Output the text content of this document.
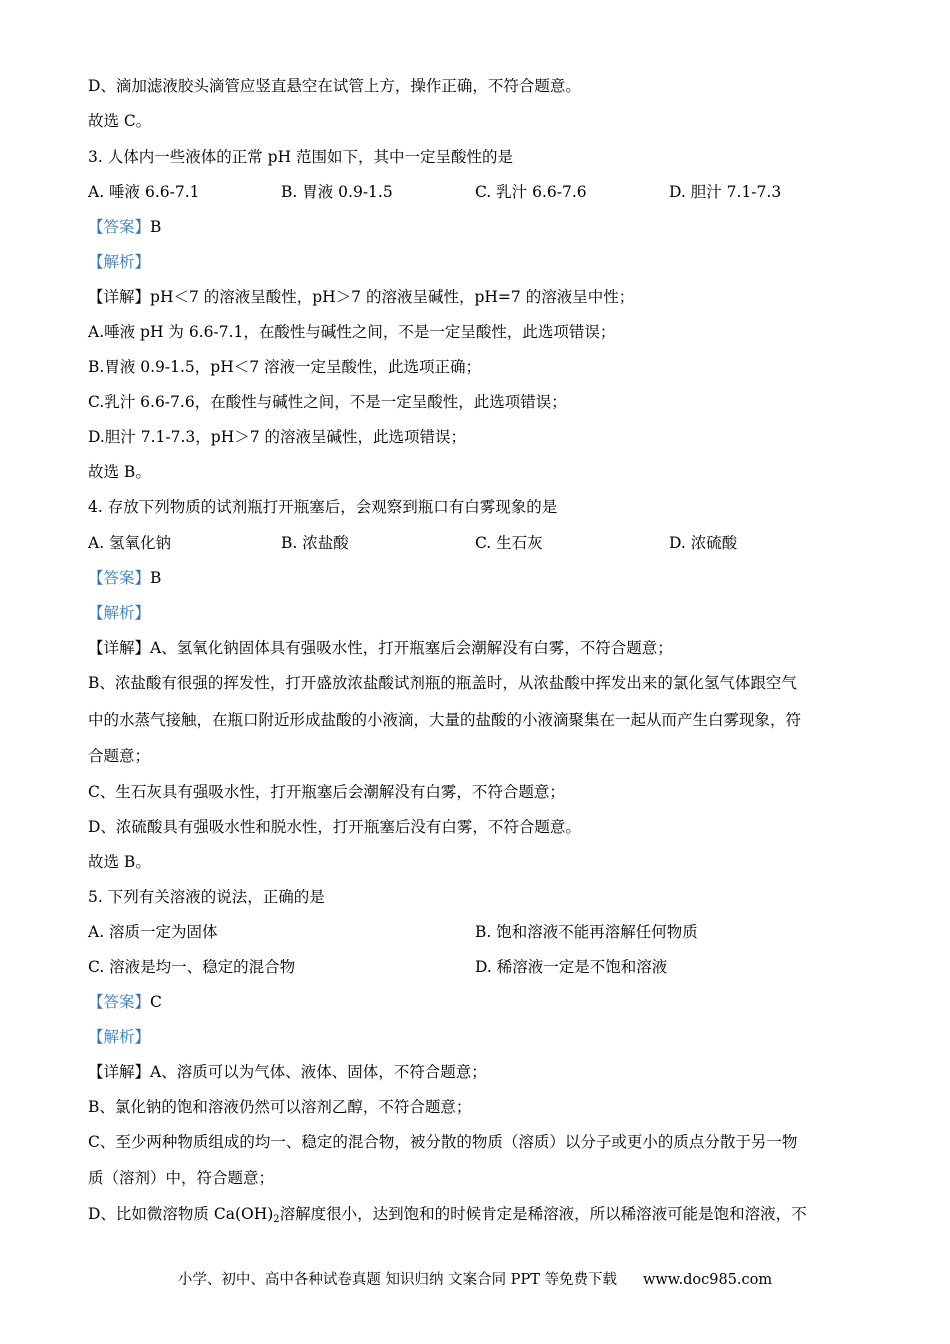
D、滴加滤液胶头滴管应竖直悬空在试管上方，操作正确，不符合题意。
故选 C。
3. 人体内一些液体的正常 pH 范围如下，其中一定呈酸性的是
A. 唾液 6.6-7.1	B. 胃液 0.9-1.5	C. 乳汁 6.6-7.6	D. 胆汁 7.1-7.3
【答案】B
【解析】
【详解】pH＜7 的溶液呈酸性，pH＞7 的溶液呈碱性，pH=7 的溶液呈中性；
A.唾液 pH 为 6.6-7.1，在酸性与碱性之间，不是一定呈酸性，此选项错误；
B.胃液 0.9-1.5，pH＜7 溶液一定呈酸性，此选项正确；
C.乳汁 6.6-7.6，在酸性与碱性之间，不是一定呈酸性，此选项错误；
D.胆汁 7.1-7.3，pH＞7 的溶液呈碱性，此选项错误；
故选 B。
4. 存放下列物质的试剂瓶打开瓶塞后，会观察到瓶口有白雾现象的是
A. 氢氧化钠	B. 浓盐酸	C. 生石灰	D. 浓硫酸
【答案】B
【解析】
【详解】A、氢氧化钠固体具有强吸水性，打开瓶塞后会潮解没有白雾，不符合题意；
B、浓盐酸有很强的挥发性，打开盛放浓盐酸试剂瓶的瓶盖时，从浓盐酸中挥发出来的氯化氢气体跟空气
中的水蒸气接触，在瓶口附近形成盐酸的小液滴，大量的盐酸的小液滴聚集在一起从而产生白雾现象，符
合题意；
C、生石灰具有强吸水性，打开瓶塞后会潮解没有白雾，不符合题意；
D、浓硫酸具有强吸水性和脱水性，打开瓶塞后没有白雾，不符合题意。
故选 B。
5. 下列有关溶液的说法，正确的是
A. 溶质一定为固体	B. 饱和溶液不能再溶解任何物质
C. 溶液是均一、稳定的混合物	D. 稀溶液一定是不饱和溶液
【答案】C
【解析】
【详解】A、溶质可以为气体、液体、固体，不符合题意；
B、氯化钠的饱和溶液仍然可以溶剂乙醇，不符合题意；
C、至少两种物质组成的均一、稳定的混合物，被分散的物质（溶质）以分子或更小的质点分散于另一物
质（溶剂）中，符合题意；
D、比如微溶物质 $Ca(OH)_2$溶解度很小，达到饱和的时候肯定是稀溶液，所以稀溶液可能是饱和溶液，不
小学、初中、高中各种试卷真题 知识归纳 文案合同 PPT 等免费下载 www.doc985.com
